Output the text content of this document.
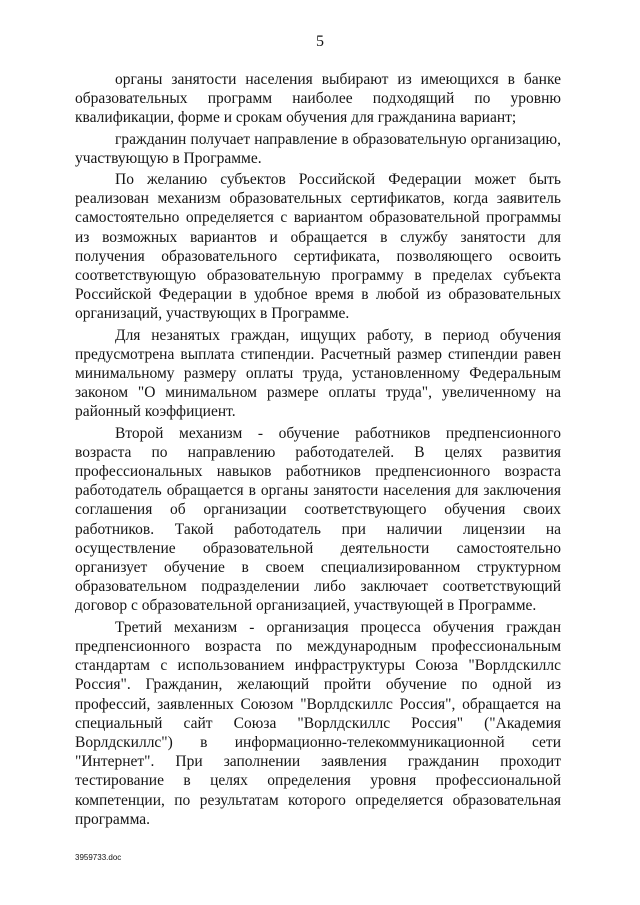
5

органы занятости населения выбирают из имеющихся в банке образовательных программ наиболее подходящий по уровню квалификации, форме и срокам обучения для гражданина вариант;

гражданин получает направление в образовательную организацию, участвующую в Программе.

По желанию субъектов Российской Федерации может быть реализован механизм образовательных сертификатов, когда заявитель самостоятельно определяется с вариантом образовательной программы из возможных вариантов и обращается в службу занятости для получения образовательного сертификата, позволяющего освоить соответствующую образовательную программу в пределах субъекта Российской Федерации в удобное время в любой из образовательных организаций, участвующих в Программе.

Для незанятых граждан, ищущих работу, в период обучения предусмотрена выплата стипендии. Расчетный размер стипендии равен минимальному размеру оплаты труда, установленному Федеральным законом "О минимальном размере оплаты труда", увеличенному на районный коэффициент.

Второй механизм - обучение работников предпенсионного возраста по направлению работодателей. В целях развития профессиональных навыков работников предпенсионного возраста работодатель обращается в органы занятости населения для заключения соглашения об организации соответствующего обучения своих работников. Такой работодатель при наличии лицензии на осуществление образовательной деятельности самостоятельно организует обучение в своем специализированном структурном образовательном подразделении либо заключает соответствующий договор с образовательной организацией, участвующей в Программе.

Третий механизм - организация процесса обучения граждан предпенсионного возраста по международным профессиональным стандартам с использованием инфраструктуры Союза "Ворлдскиллс Россия". Гражданин, желающий пройти обучение по одной из профессий, заявленных Союзом "Ворлдскиллс Россия", обращается на специальный сайт Союза "Ворлдскиллс Россия" ("Академия Ворлдскиллс") в информационно-телекоммуникационной сети "Интернет". При заполнении заявления гражданин проходит тестирование в целях определения уровня профессиональной компетенции, по результатам которого определяется образовательная программа.

3959733.doc
